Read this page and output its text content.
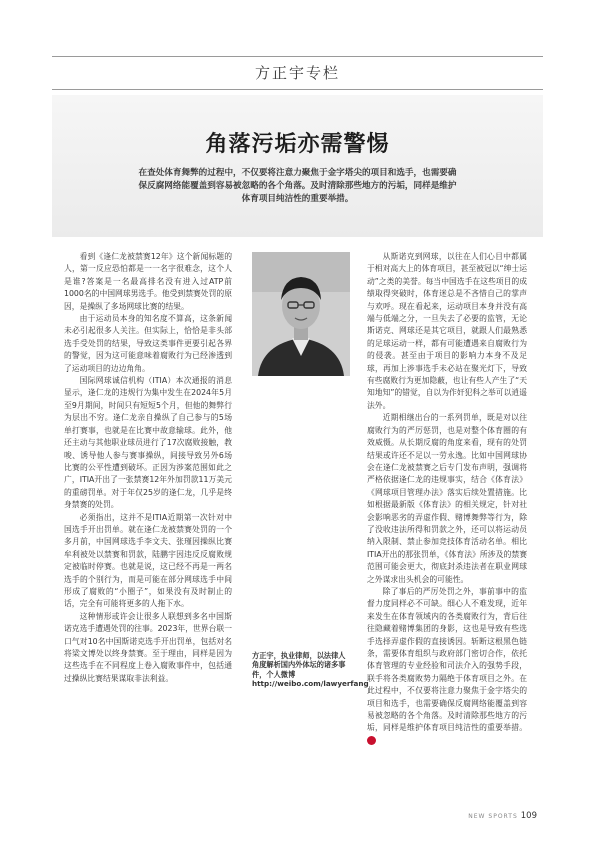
方正宇专栏
角落污垢亦需警惕
在查处体育舞弊的过程中，不仅要将注意力聚焦于金字塔尖的项目和选手，也需要确保反腐网络能覆盖到容易被忽略的各个角落。及时清除那些地方的污垢，同样是维护体育项目纯洁性的重要举措。

看到《逢仁龙被禁赛12年》这个新闻标题的人，第一反应恐怕都是一一名字很难念，这个人是谁?答案是一名最高排名没有进入过ATP前1000名的中国网球男选手。他受到禁赛处罚的原因，是操纵了多场网球比赛的结果。

由于运动员本身的知名度不算高，这条新闻未必引起很多人关注。但实际上，恰恰是非头部选手受处罚的结果，导致这类事件更要引起各界的警觉，因为这可能意味着腐败行为已经渗透到了运动项目的边边角角。

国际网球诚信机构（ITIA）本次通报的消息显示，逢仁龙的违规行为集中发生在2024年5月至9月期间，时间只有短短5个月，但他的舞弊行为层出不穷。逢仁龙亲自操纵了自己参与的5场单打赛事，也就是在比赛中故意输球。此外，他还主动与其他职业球员进行了17次腐败接触，教唆、诱导他人参与赛事操纵，间接导致另外6场比赛的公平性遭到破坏。正因为涉案范围如此之广，ITIA开出了一张禁赛12年外加罚款11万美元的重磅罚单。对于年仅25岁的逢仁龙，几乎是终身禁赛的处罚。

必须指出，这并不是ITIA近期第一次针对中国选手开出罚单。就在逢仁龙被禁赛处罚的一个多月前，中国网球选手李文夫、张瑾因操纵比赛牟利被处以禁赛和罚款，陆鹏宇因违反反腐败规定被临时停赛。也就是说，这已经不再是一两名选手的个别行为，而是可能在部分网球选手中间形成了腐败的“小圈子”，如果没有及时制止的话，完全有可能将更多的人拖下水。

这种情形或许会让很多人联想到多名中国斯诺克选手遭遇处罚的往事。2023年，世界台联一口气对10名中国斯诺克选手开出罚单，包括对名将梁文博处以终身禁赛。至于理由，同样是因为这些选手在不同程度上卷入腐败事件中，包括通过操纵比赛结果谋取非法利益。

方正宇，执业律师，以法律人角度解析国内外体坛的诸多事件，个人微博http://weibo.com/lawyerfang

从斯诺克到网球，以往在人们心目中都属于相对高大上的体育项目，甚至被冠以“绅士运动”之类的美誉。每当中国选手在这些项目的成绩取得突破时，体育迷总是不吝惜自己的掌声与欢呼。现在看起来，运动项目本身并没有高端与低端之分，一旦失去了必要的监管，无论斯诺克、网球还是其它项目，就跟人们最熟悉的足球运动一样，都有可能遭遇来自腐败行为的侵袭。甚至由于项目的影响力本身不及足球，再加上涉事选手未必站在聚光灯下，导致有些腐败行为更加隐蔽，也让有些人产生了“天知地知”的错觉，自以为作奸犯科之举可以逍遥法外。

近期相继出台的一系列罚单，既是对以往腐败行为的严厉惩罚，也是对整个体育圈的有效威慑。从长期反腐的角度来看，现有的处罚结果或许还不足以一劳永逸。比如中国网球协会在逢仁龙被禁赛之后专门发布声明，强调将严格依据逢仁龙的违规事实，结合《体育法》《网球项目管理办法》落实后续处置措施。比如根据最新版《体育法》的相关规定，针对社会影响恶劣的弄虚作假、赌博舞弊等行为，除了没收违法所得和罚款之外，还可以将运动员纳入限制、禁止参加竞技体育活动名单。相比ITIA开出的那张罚单，《体育法》所涉及的禁赛范围可能会更大，彻底封杀违法者在职业网球之外谋求出头机会的可能性。

除了事后的严厉处罚之外，事前事中的监督力度同样必不可缺。细心人不难发现，近年来发生在体育领域内的各类腐败行为，背后往往隐藏着赌博集团的身影，这也是导致有些选手选择弄虚作假的直接诱因。斩断这根黑色链条，需要体育组织与政府部门密切合作，依托体育管理的专业经验和司法介入的强势手段，联手将各类腐败势力隔绝于体育项目之外。在此过程中，不仅要将注意力聚焦于金字塔尖的项目和选手，也需要确保反腐网络能覆盖到容易被忽略的各个角落。及时清除那些地方的污垢，同样是维护体育项目纯洁性的重要举措。 N

NEW SPORTS 109
